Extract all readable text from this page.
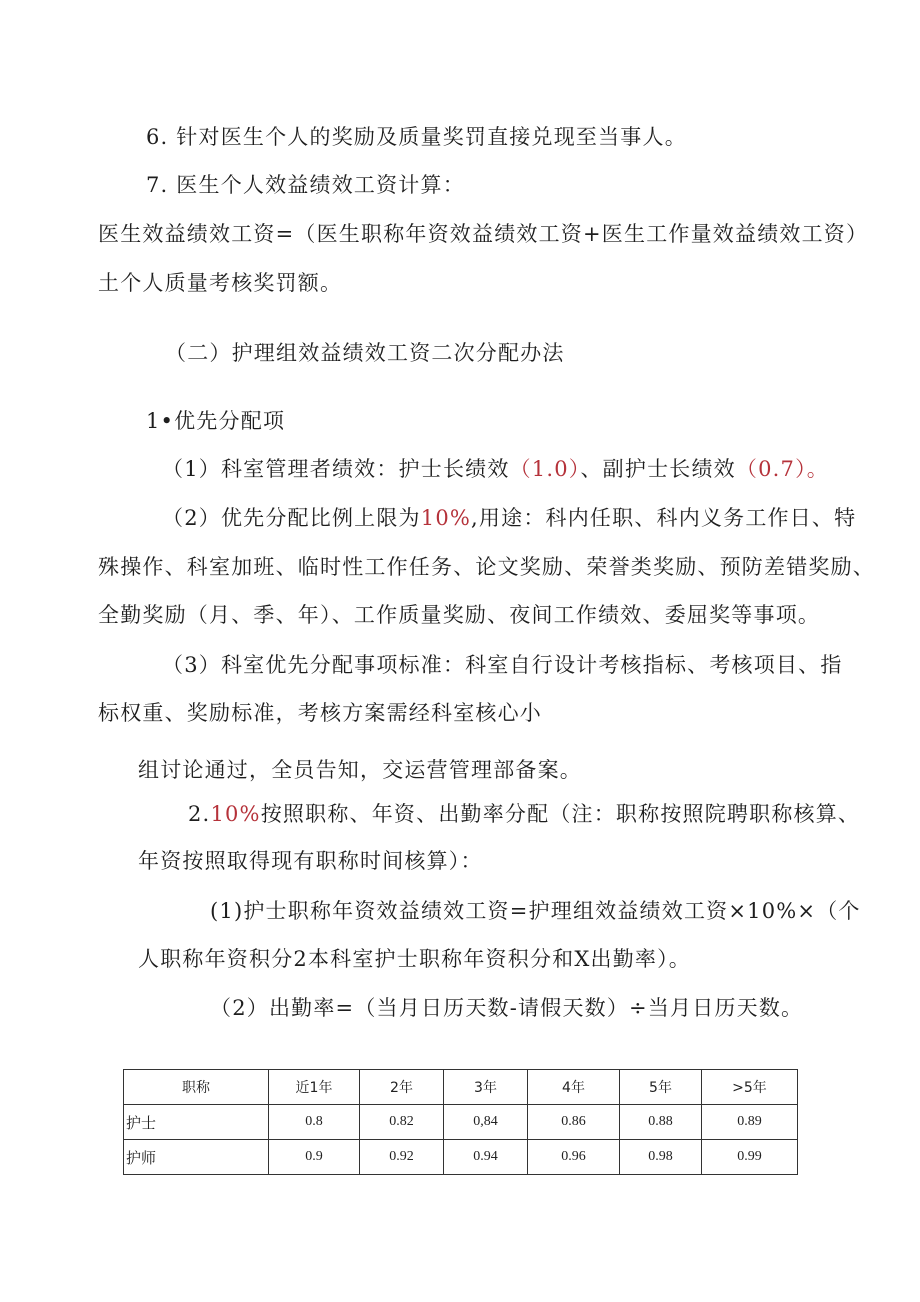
6. 针对医生个人的奖励及质量奖罚直接兑现至当事人。
7. 医生个人效益绩效工资计算：
医生效益绩效工资=（医生职称年资效益绩效工资+医生工作量效益绩效工资）
土个人质量考核奖罚额。
（二）护理组效益绩效工资二次分配办法
1•优先分配项
（1）科室管理者绩效：护士长绩效（1.0）、副护士长绩效（0.7）。
（2）优先分配比例上限为10%,用途：科内任职、科内义务工作日、特
殊操作、科室加班、临时性工作任务、论文奖励、荣誉类奖励、预防差错奖励、
全勤奖励（月、季、年）、工作质量奖励、夜间工作绩效、委屈奖等事项。
（3）科室优先分配事项标准：科室自行设计考核指标、考核项目、指
标权重、奖励标准，考核方案需经科室核心小
组讨论通过，全员告知，交运营管理部备案。
2.10%按照职称、年资、出勤率分配（注：职称按照院聘职称核算、
年资按照取得现有职称时间核算）：
(1)护士职称年资效益绩效工资=护理组效益绩效工资×10%×（个
人职称年资积分2本科室护士职称年资积分和X出勤率）。
（2）出勤率=（当月日历天数-请假天数）÷当月日历天数。
职称	近1年	2年	3年	4年	5年	>5年
护士	0.8	0.82	0,84	0.86	0.88	0.89
护师	0.9	0.92	0.94	0.96	0.98	0.99
